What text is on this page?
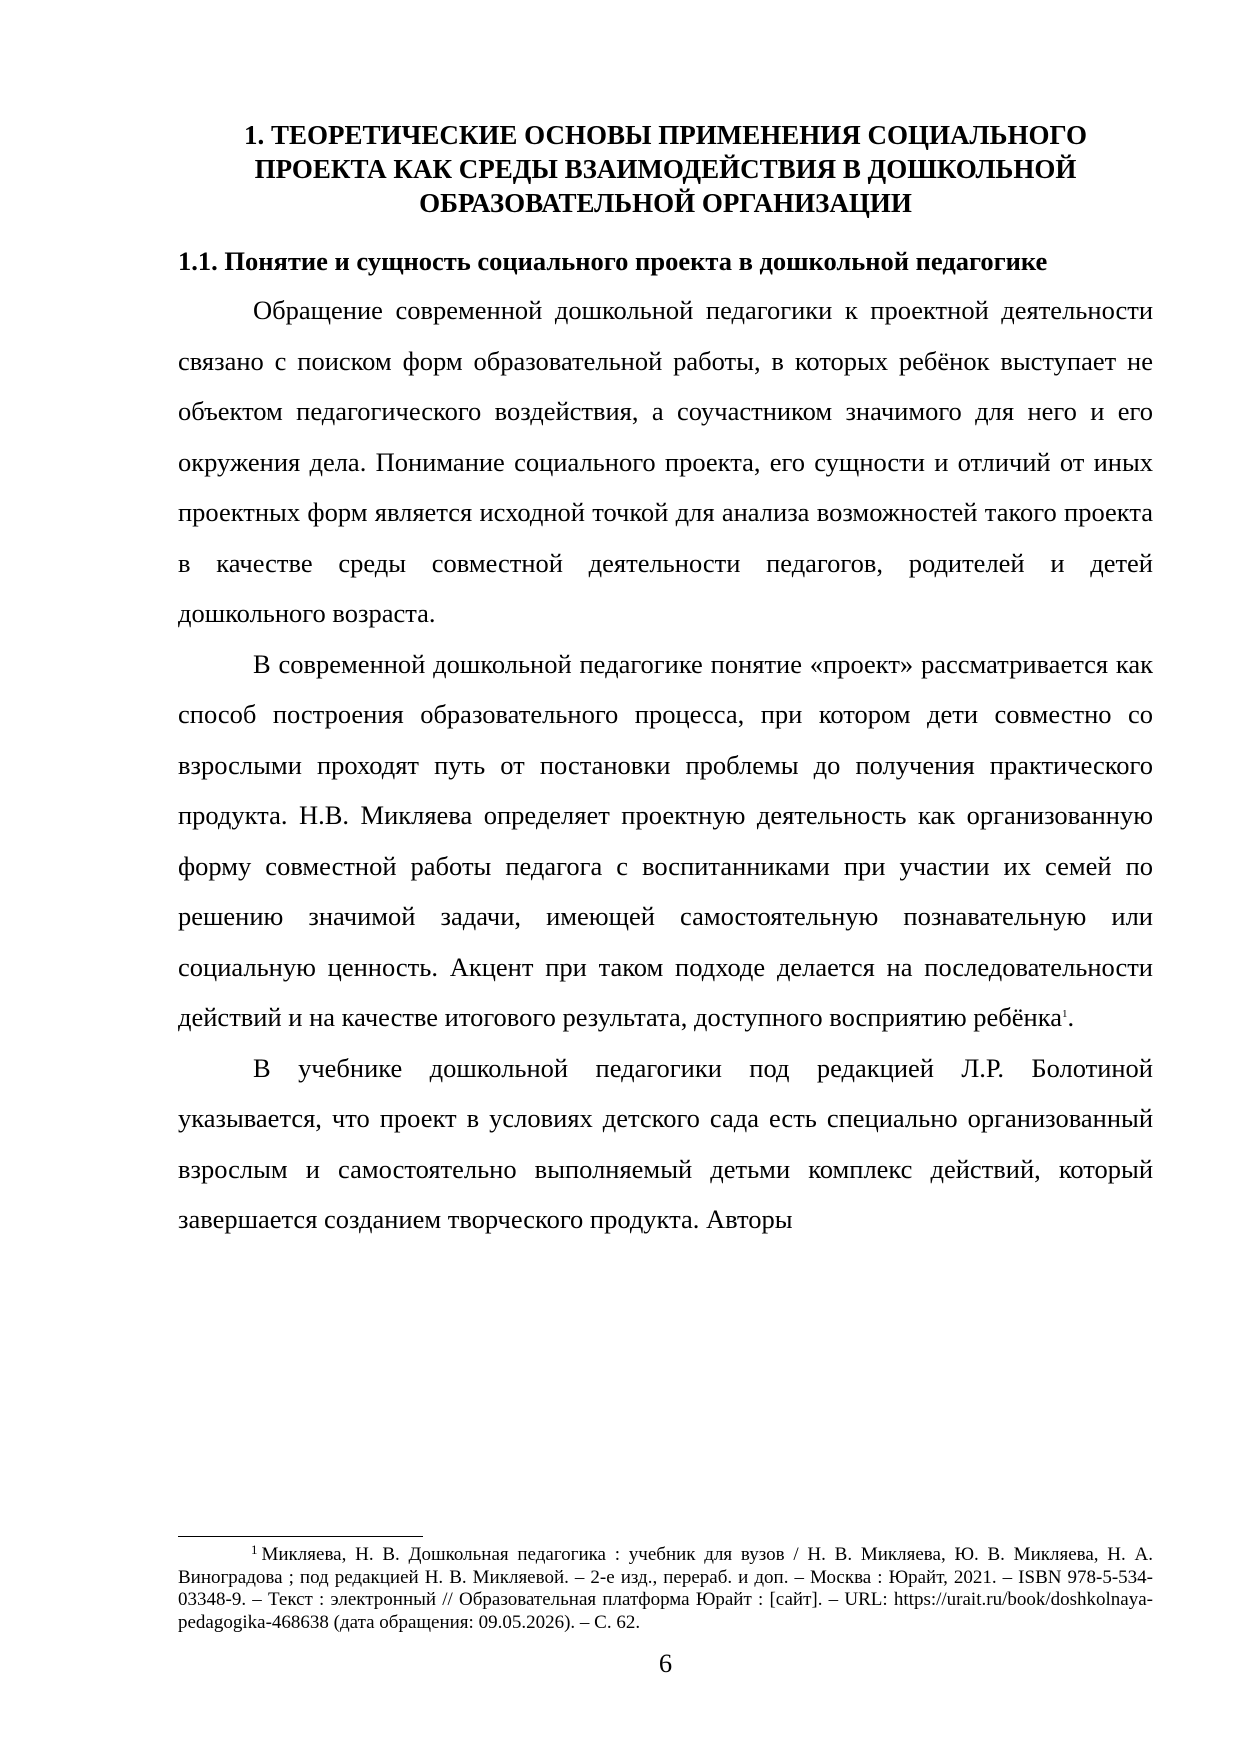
1. ТЕОРЕТИЧЕСКИЕ ОСНОВЫ ПРИМЕНЕНИЯ СОЦИАЛЬНОГО
ПРОЕКТА КАК СРЕДЫ ВЗАИМОДЕЙСТВИЯ В ДОШКОЛЬНОЙ
ОБРАЗОВАТЕЛЬНОЙ ОРГАНИЗАЦИИ
1.1. Понятие и сущность социального проекта в дошкольной педагогике

Обращение современной дошкольной педагогики к проектной деятельности связано с поиском форм образовательной работы, в которых ребёнок выступает не объектом педагогического воздействия, а соучастником значимого для него и его окружения дела. Понимание социального проекта, его сущности и отличий от иных проектных форм является исходной точкой для анализа возможностей такого проекта в качестве среды совместной деятельности педагогов, родителей и детей дошкольного возраста.

В современной дошкольной педагогике понятие «проект» рассматривается как способ построения образовательного процесса, при котором дети совместно со взрослыми проходят путь от постановки проблемы до получения практического продукта. Н.В. Микляева определяет проектную деятельность как организованную форму совместной работы педагога с воспитанниками при участии их семей по решению значимой задачи, имеющей самостоятельную познавательную или социальную ценность. Акцент при таком подходе делается на последовательности действий и на качестве итогового результата, доступного восприятию ребёнка$^1$.

В учебнике дошкольной педагогики под редакцией Л.Р. Болотиной указывается, что проект в условиях детского сада есть специально организованный взрослым и самостоятельно выполняемый детьми комплекс действий, который завершается созданием творческого продукта. Авторы

$^1$ Микляева, Н. В. Дошкольная педагогика : учебник для вузов / Н. В. Микляева, Ю. В. Микляева, Н. А. Виноградова ; под редакцией Н. В. Микляевой. – 2-е изд., перераб. и доп. – Москва : Юрайт, 2021. – ISBN 978-5-534-03348-9. – Текст : электронный // Образовательная платформа Юрайт : [сайт]. – URL: https://urait.ru/book/doshkolnaya-pedagogika-468638 (дата обращения: 09.05.2026). – С. 62.

6
